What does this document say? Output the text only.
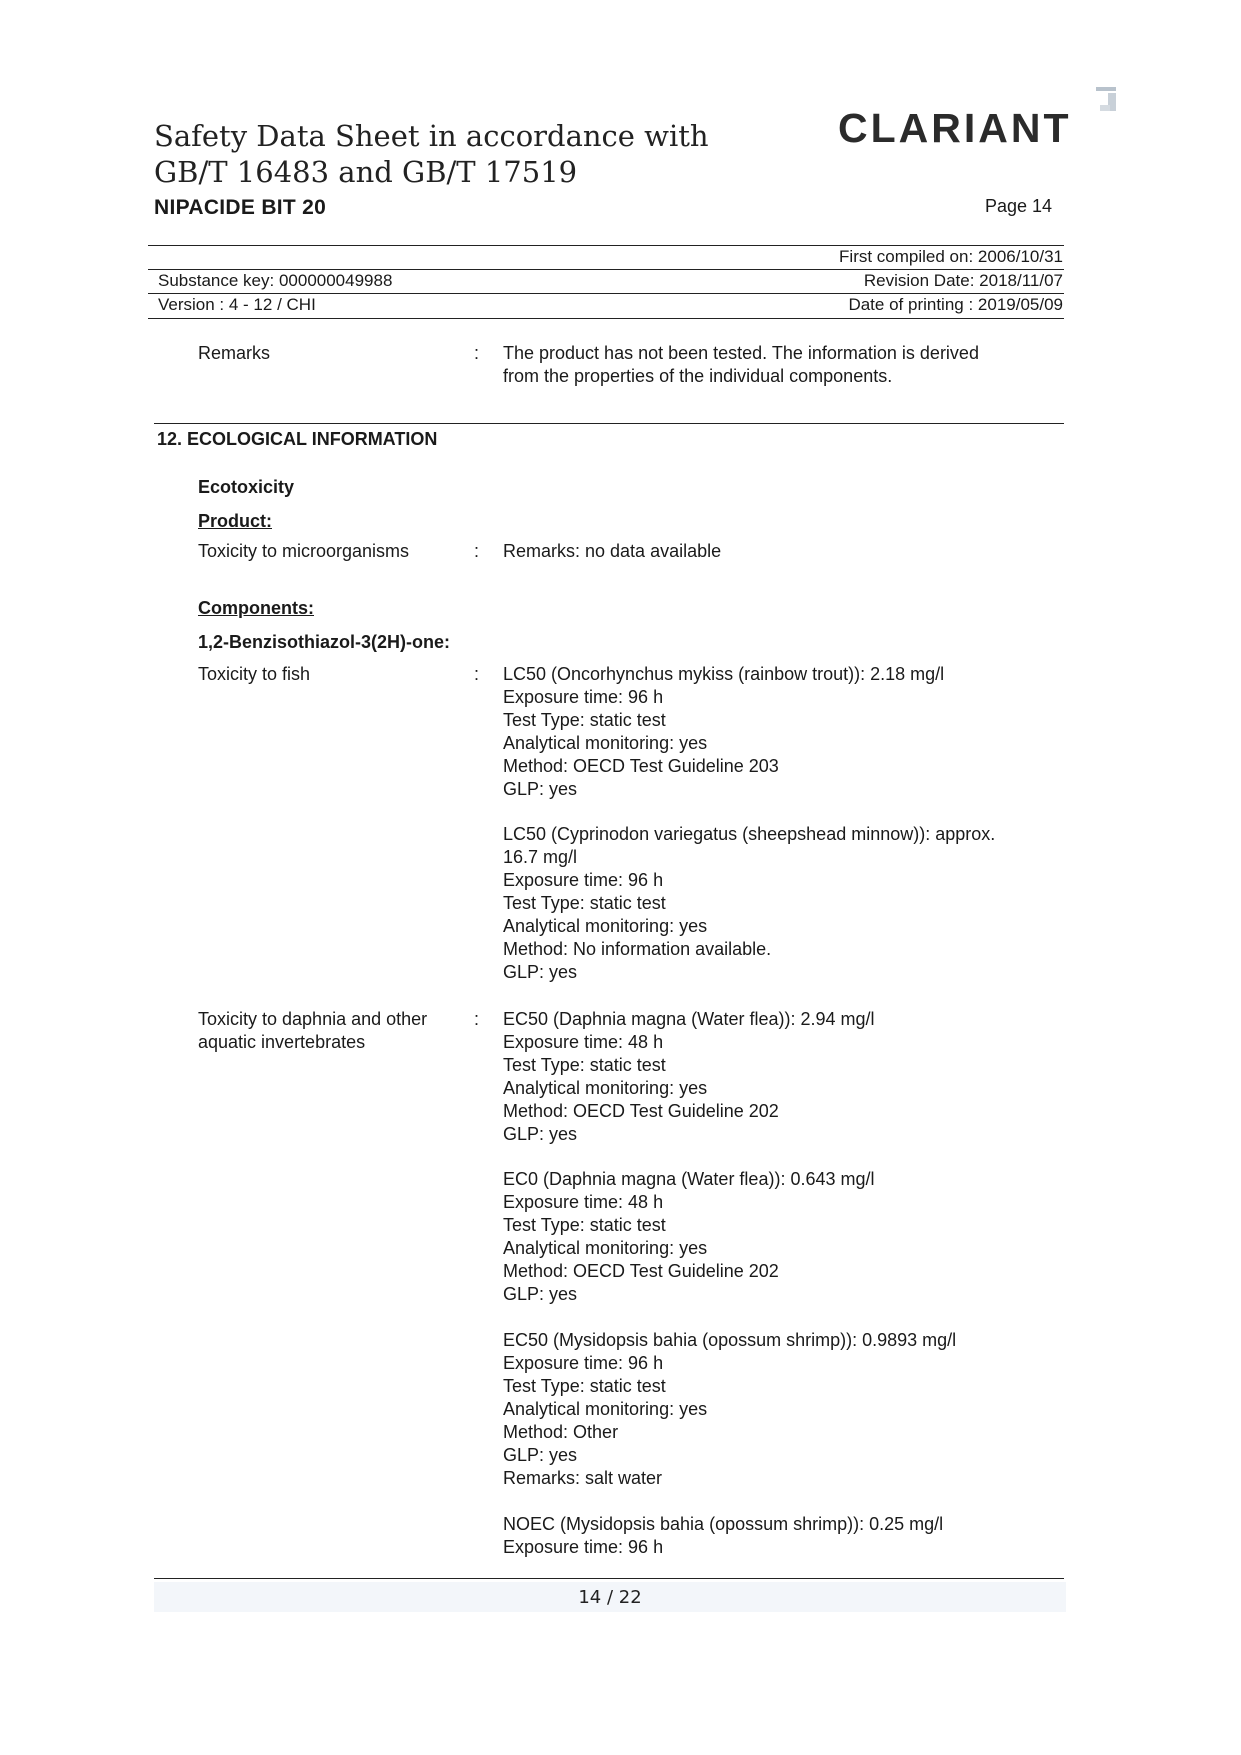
Safety Data Sheet in accordance with
GB/T 16483 and GB/T 17519
NIPACIDE BIT 20
CLARIANT
Page 14
First compiled on: 2006/10/31
Substance key: 000000049988	Revision Date: 2018/11/07
Version : 4 - 12 / CHI	Date of printing : 2019/05/09
Remarks	: The product has not been tested. The information is derived
from the properties of the individual components.
12. ECOLOGICAL INFORMATION
Ecotoxicity
Product:
Toxicity to microorganisms	: Remarks: no data available
Components:
1,2-Benzisothiazol-3(2H)-one:
Toxicity to fish	: LC50 (Oncorhynchus mykiss (rainbow trout)): 2.18 mg/l
Exposure time: 96 h
Test Type: static test
Analytical monitoring: yes
Method: OECD Test Guideline 203
GLP: yes
LC50 (Cyprinodon variegatus (sheepshead minnow)): approx.
16.7 mg/l
Exposure time: 96 h
Test Type: static test
Analytical monitoring: yes
Method: No information available.
GLP: yes
Toxicity to daphnia and other
aquatic invertebrates
: EC50 (Daphnia magna (Water flea)): 2.94 mg/l
Exposure time: 48 h
Test Type: static test
Analytical monitoring: yes
Method: OECD Test Guideline 202
GLP: yes
EC0 (Daphnia magna (Water flea)): 0.643 mg/l
Exposure time: 48 h
Test Type: static test
Analytical monitoring: yes
Method: OECD Test Guideline 202
GLP: yes
EC50 (Mysidopsis bahia (opossum shrimp)): 0.9893 mg/l
Exposure time: 96 h
Test Type: static test
Analytical monitoring: yes
Method: Other
GLP: yes
Remarks: salt water
NOEC (Mysidopsis bahia (opossum shrimp)): 0.25 mg/l
Exposure time: 96 h
14 / 22
